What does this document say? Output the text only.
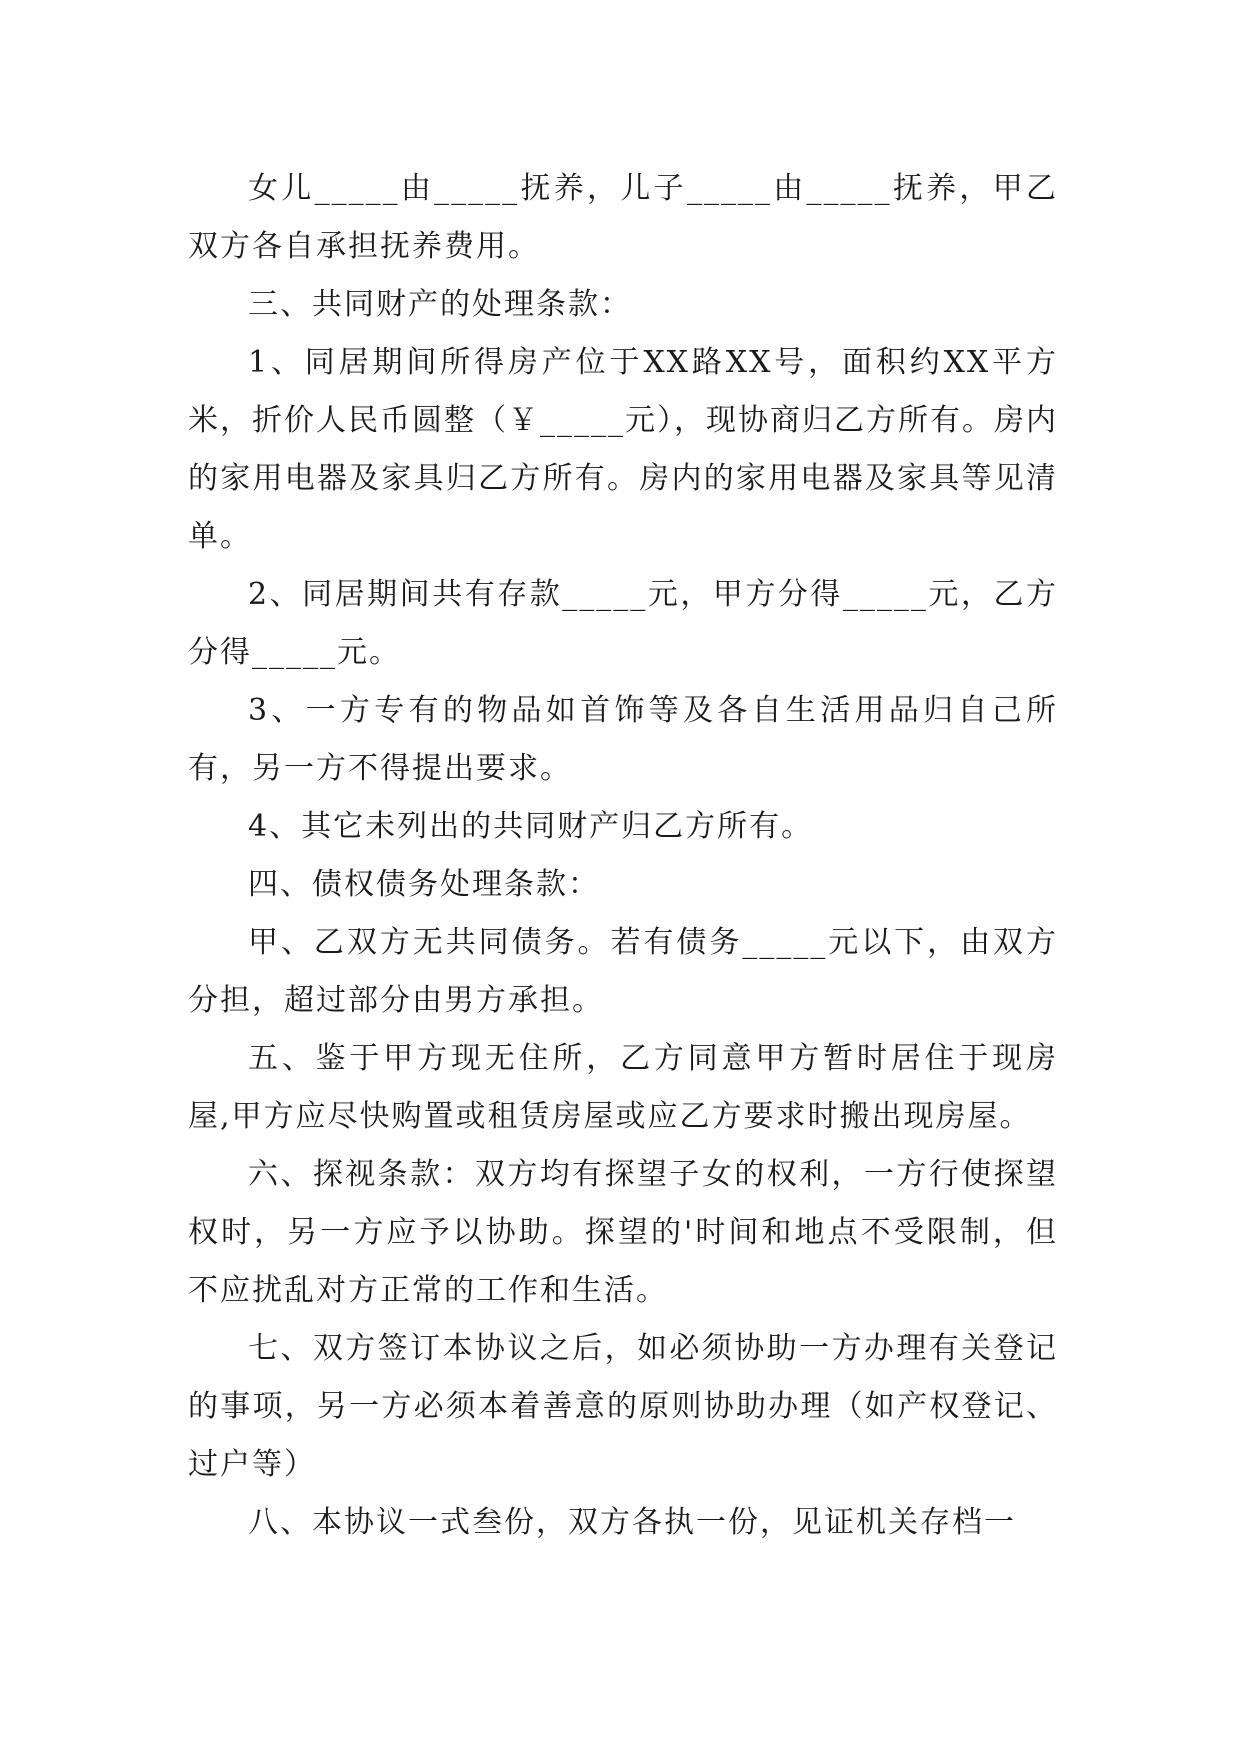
女儿_____由_____抚养，儿子_____由_____抚养，甲乙双方各自承担抚养费用。

三、共同财产的处理条款：

1、同居期间所得房产位于XX路XX号，面积约XX平方米，折价人民币圆整（￥_____元），现协商归乙方所有。房内的家用电器及家具归乙方所有。房内的家用电器及家具等见清单。

2、同居期间共有存款_____元，甲方分得_____元，乙方分得_____元。

3、一方专有的物品如首饰等及各自生活用品归自己所有，另一方不得提出要求。

4、其它未列出的共同财产归乙方所有。

四、债权债务处理条款：

甲、乙双方无共同债务。若有债务_____元以下，由双方分担，超过部分由男方承担。

五、鉴于甲方现无住所，乙方同意甲方暂时居住于现房屋,甲方应尽快购置或租赁房屋或应乙方要求时搬出现房屋。

六、探视条款：双方均有探望子女的权利，一方行使探望权时，另一方应予以协助。探望的'时间和地点不受限制，但不应扰乱对方正常的工作和生活。

七、双方签订本协议之后，如必须协助一方办理有关登记的事项，另一方必须本着善意的原则协助办理（如产权登记、过户等）

八、本协议一式叁份，双方各执一份，见证机关存档一
